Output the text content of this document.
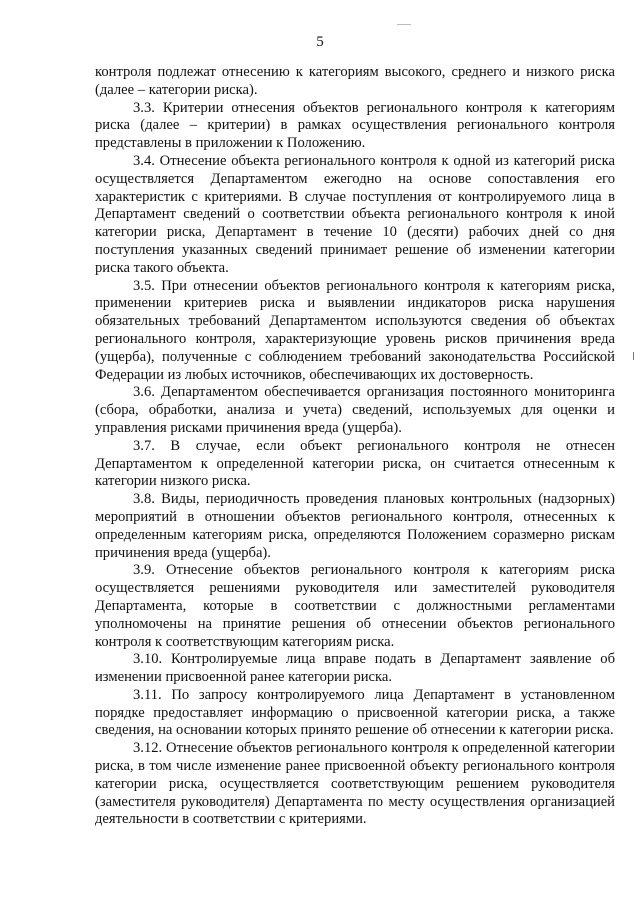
5

контроля подлежат отнесению к категориям высокого, среднего и низкого риска (далее – категории риска).

3.3. Критерии отнесения объектов регионального контроля к категориям риска (далее – критерии) в рамках осуществления регионального контроля представлены в приложении к Положению.

3.4. Отнесение объекта регионального контроля к одной из категорий риска осуществляется Департаментом ежегодно на основе сопоставления его характеристик с критериями. В случае поступления от контролируемого лица в Департамент сведений о соответствии объекта регионального контроля к иной категории риска, Департамент в течение 10 (десяти) рабочих дней со дня поступления указанных сведений принимает решение об изменении категории риска такого объекта.

3.5. При отнесении объектов регионального контроля к категориям риска, применении критериев риска и выявлении индикаторов риска нарушения обязательных требований Департаментом используются сведения об объектах регионального контроля, характеризующие уровень рисков причинения вреда (ущерба), полученные с соблюдением требований законодательства Российской Федерации из любых источников, обеспечивающих их достоверность.

3.6. Департаментом обеспечивается организация постоянного мониторинга (сбора, обработки, анализа и учета) сведений, используемых для оценки и управления рисками причинения вреда (ущерба).

3.7. В случае, если объект регионального контроля не отнесен Департаментом к определенной категории риска, он считается отнесенным к категории низкого риска.

3.8. Виды, периодичность проведения плановых контрольных (надзорных) мероприятий в отношении объектов регионального контроля, отнесенных к определенным категориям риска, определяются Положением соразмерно рискам причинения вреда (ущерба).

3.9. Отнесение объектов регионального контроля к категориям риска осуществляется решениями руководителя или заместителей руководителя Департамента, которые в соответствии с должностными регламентами уполномочены на принятие решения об отнесении объектов регионального контроля к соответствующим категориям риска.

3.10. Контролируемые лица вправе подать в Департамент заявление об изменении присвоенной ранее категории риска.

3.11. По запросу контролируемого лица Департамент в установленном порядке предоставляет информацию о присвоенной категории риска, а также сведения, на основании которых принято решение об отнесении к категории риска.

3.12. Отнесение объектов регионального контроля к определенной категории риска, в том числе изменение ранее присвоенной объекту регионального контроля категории риска, осуществляется соответствующим решением руководителя (заместителя руководителя) Департамента по месту осуществления организацией деятельности в соответствии с критериями.
